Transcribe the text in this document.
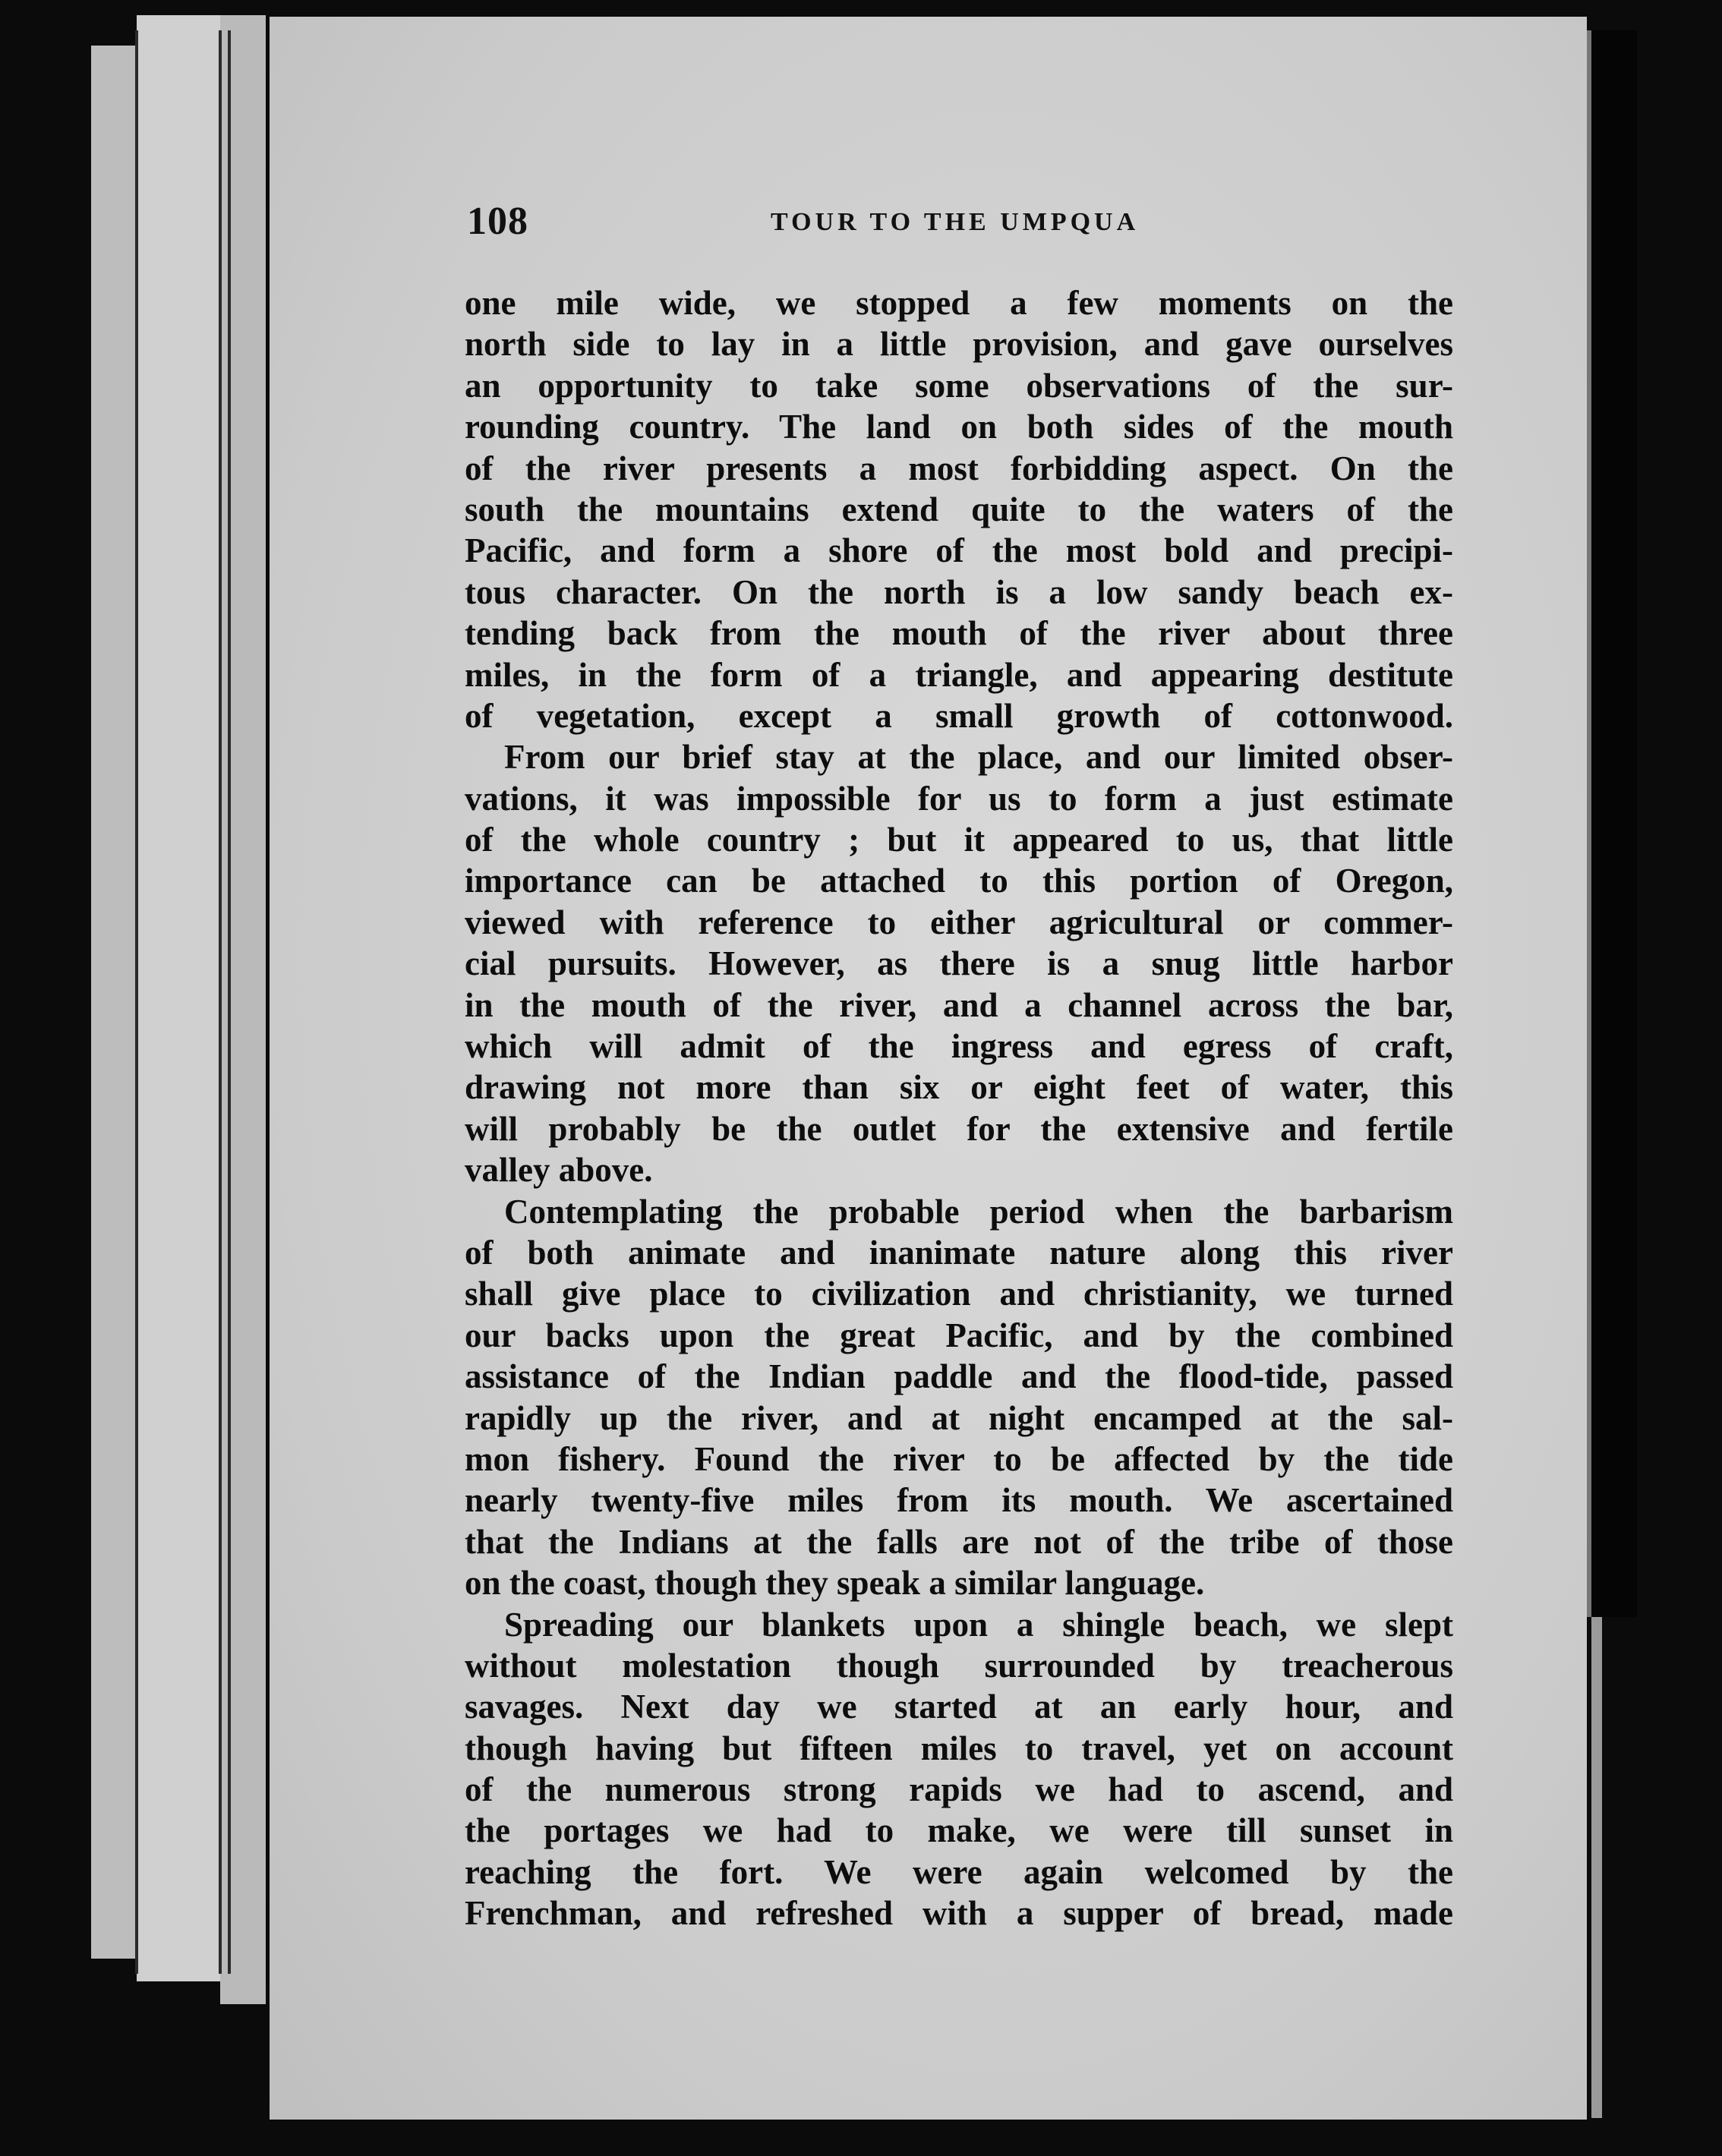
108	TOUR TO THE UMPQUA
one mile wide, we stopped a few moments on the
north side to lay in a little provision, and gave ourselves
an opportunity to take some observations of the sur-
rounding country. The land on both sides of the mouth
of the river presents a most forbidding aspect. On the
south the mountains extend quite to the waters of the
Pacific, and form a shore of the most bold and precipi-
tous character. On the north is a low sandy beach ex-
tending back from the mouth of the river about three
miles, in the form of a triangle, and appearing destitute
of vegetation, except a small growth of cottonwood.
From our brief stay at the place, and our limited obser-
vations, it was impossible for us to form a just estimate
of the whole country ; but it appeared to us, that little
importance can be attached to this portion of Oregon,
viewed with reference to either agricultural or commer-
cial pursuits. However, as there is a snug little harbor
in the mouth of the river, and a channel across the bar,
which will admit of the ingress and egress of craft,
drawing not more than six or eight feet of water, this
will probably be the outlet for the extensive and fertile
valley above.
Contemplating the probable period when the barbarism
of both animate and inanimate nature along this river
shall give place to civilization and christianity, we turned
our backs upon the great Pacific, and by the combined
assistance of the Indian paddle and the flood-tide, passed
rapidly up the river, and at night encamped at the sal-
mon fishery. Found the river to be affected by the tide
nearly twenty-five miles from its mouth. We ascertained
that the Indians at the falls are not of the tribe of those
on the coast, though they speak a similar language.
Spreading our blankets upon a shingle beach, we slept
without molestation though surrounded by treacherous
savages. Next day we started at an early hour, and
though having but fifteen miles to travel, yet on account
of the numerous strong rapids we had to ascend, and
the portages we had to make, we were till sunset in
reaching the fort. We were again welcomed by the
Frenchman, and refreshed with a supper of bread, made
